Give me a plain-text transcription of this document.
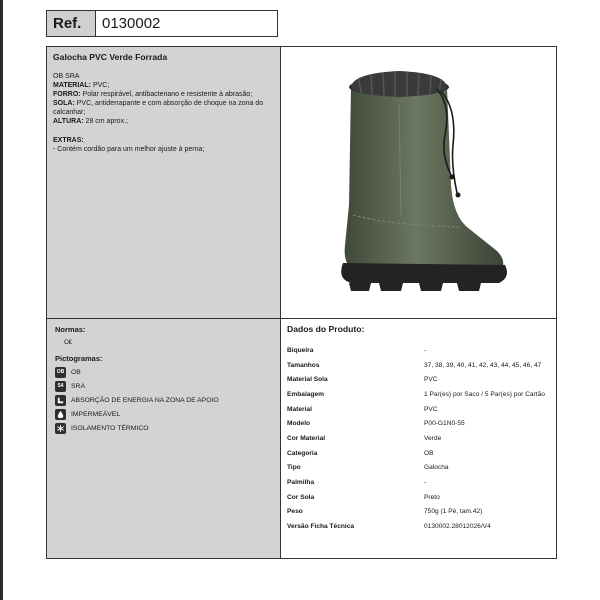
Ref.	0130002
Galocha PVC Verde Forrada

OB SRA

MATERIAL: PVC;

FORRO: Polar respirável, antibacteriano e resistente à abrasão;

SOLA: PVC, antiderrapante e com absorção de choque na zona do calcanhar;

ALTURA: 28 cm aprox.;

EXTRAS:

- Contém cordão para um melhor ajuste à perna;

Normas:
C€
Pictogramas:
OB OB
S4	SRA
ABSORÇÃO DE ENERGIA NA ZONA DE APOIO
IMPERMEÁVEL
ISOLAMENTO TÉRMICO
Dados do Produto:
Biqueira	-
Tamanhos	37, 38, 39, 40, 41, 42, 43, 44, 45, 46, 47
Material Sola	PVC
Embalagem	1 Par(es) por Saco / 5 Par(es) por Cartão
Material	PVC
Modelo	P00-G1N0-55
Cor Material	Verde
Categoria	OB
Tipo	Galocha
Palmilha	-
Cor Sola	Preto
Peso	750g (1 Pé, tam.42)
Versão Ficha Técnica	0130002.28012026/V4
